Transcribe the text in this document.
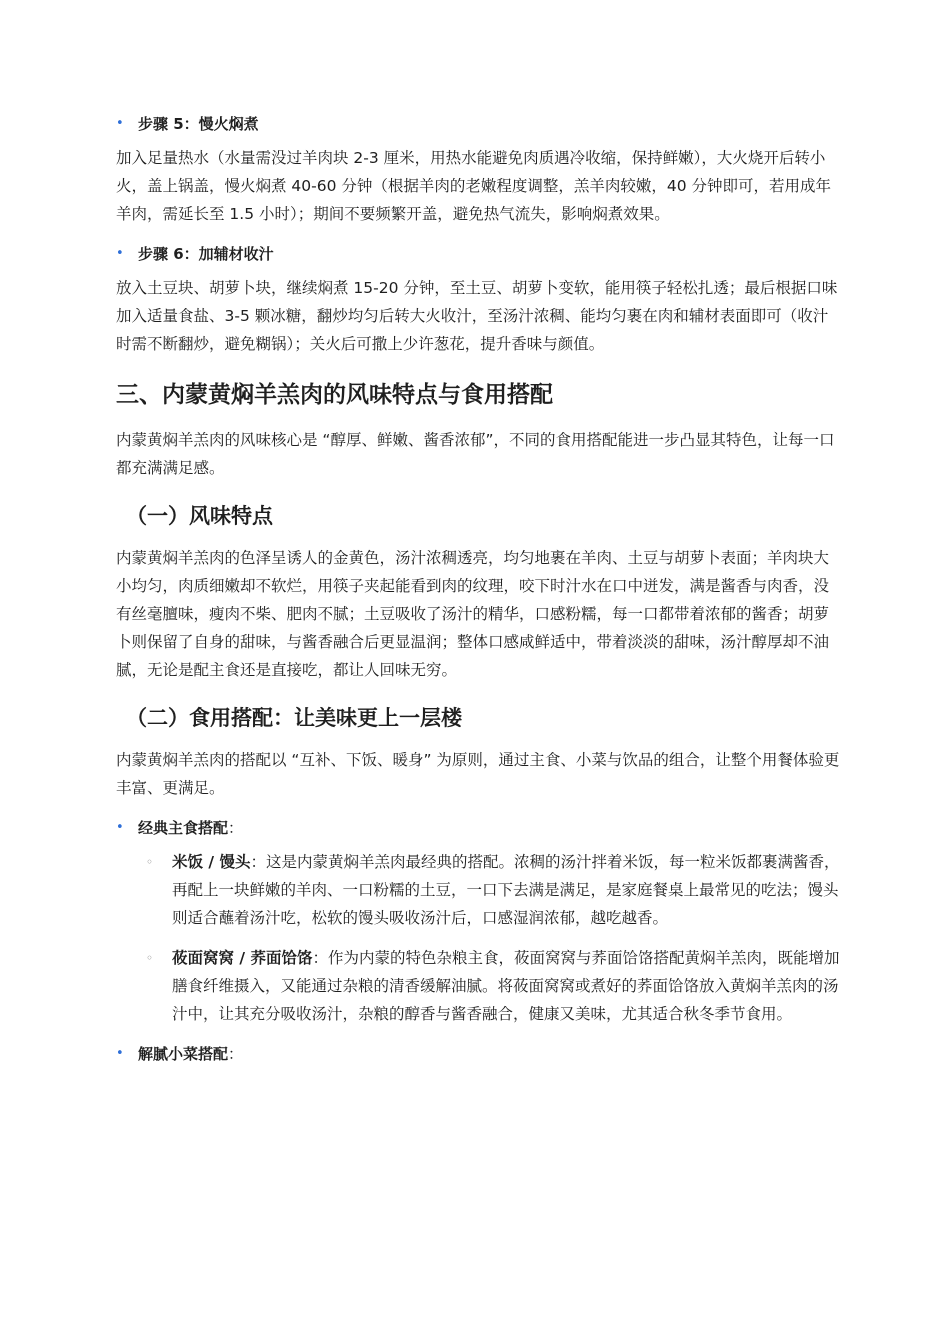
• 步骤 5：慢火焖煮

加入足量热水（水量需没过羊肉块 2-3 厘米，用热水能避免肉质遇冷收缩，保持鲜嫩），大火烧开后转小火，盖上锅盖，慢火焖煮 40-60 分钟（根据羊肉的老嫩程度调整，羔羊肉较嫩，40 分钟即可，若用成年羊肉，需延长至 1.5 小时）；期间不要频繁开盖，避免热气流失，影响焖煮效果。

• 步骤 6：加辅材收汁

放入土豆块、胡萝卜块，继续焖煮 15-20 分钟，至土豆、胡萝卜变软，能用筷子轻松扎透；最后根据口味加入适量食盐、3-5 颗冰糖，翻炒均匀后转大火收汁，至汤汁浓稠、能均匀裹在肉和辅材表面即可（收汁时需不断翻炒，避免糊锅）；关火后可撒上少许葱花，提升香味与颜值。

三、内蒙黄焖羊羔肉的风味特点与食用搭配

内蒙黄焖羊羔肉的风味核心是 “醇厚、鲜嫩、酱香浓郁”，不同的食用搭配能进一步凸显其特色，让每一口都充满满足感。

（一）风味特点

内蒙黄焖羊羔肉的色泽呈诱人的金黄色，汤汁浓稠透亮，均匀地裹在羊肉、土豆与胡萝卜表面；羊肉块大小均匀，肉质细嫩却不软烂，用筷子夹起能看到肉的纹理，咬下时汁水在口中迸发，满是酱香与肉香，没有丝毫膻味，瘦肉不柴、肥肉不腻；土豆吸收了汤汁的精华，口感粉糯，每一口都带着浓郁的酱香；胡萝卜则保留了自身的甜味，与酱香融合后更显温润；整体口感咸鲜适中，带着淡淡的甜味，汤汁醇厚却不油腻，无论是配主食还是直接吃，都让人回味无穷。

（二）食用搭配：让美味更上一层楼

内蒙黄焖羊羔肉的搭配以 “互补、下饭、暖身” 为原则，通过主食、小菜与饮品的组合，让整个用餐体验更丰富、更满足。

• 经典主食搭配：
◦ 米饭 / 馒头：这是内蒙黄焖羊羔肉最经典的搭配。浓稠的汤汁拌着米饭，每一粒米饭都裹满酱香，再配上一块鲜嫩的羊肉、一口粉糯的土豆，一口下去满是满足，是家庭餐桌上最常见的吃法；馒头则适合蘸着汤汁吃，松软的馒头吸收汤汁后，口感湿润浓郁，越吃越香。
◦ 莜面窝窝 / 荞面饸饹：作为内蒙的特色杂粮主食，莜面窝窝与荞面饸饹搭配黄焖羊羔肉，既能增加膳食纤维摄入，又能通过杂粮的清香缓解油腻。将莜面窝窝或煮好的荞面饸饹放入黄焖羊羔肉的汤汁中，让其充分吸收汤汁，杂粮的醇香与酱香融合，健康又美味，尤其适合秋冬季节食用。
• 解腻小菜搭配：
